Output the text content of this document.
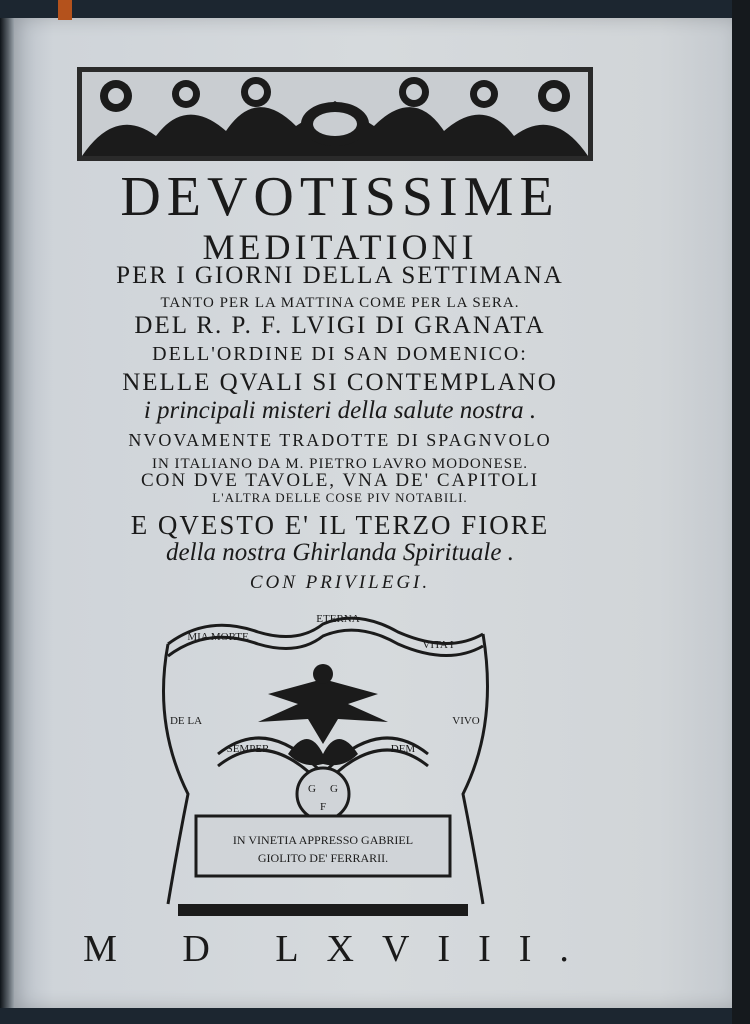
DEVOTISSIME
MEDITATIONI
PER I GIORNI DELLA SETTIMANA
TANTO PER LA MATTINA COME PER LA SERA.
DEL R. P. F. LVIGI DI GRANATA
DELL'ORDINE DI SAN DOMENICO:
NELLE QVALI SI CONTEMPLANO
i principali misteri della salute nostra .
NVOVAMENTE TRADOTTE DI SPAGNVOLO
IN ITALIANO DA M. PIETRO LAVRO MODONESE.
CON DVE TAVOLE, VNA DE' CAPITOLI
L'ALTRA DELLE COSE PIV NOTABILI.
E QVESTO E' IL TERZO FIORE
della nostra Ghirlanda Spirituale .
CON PRIVILEGI.
ETERNA
MIA MORTE
VITA I
DE LA	VIVO
SEMPER	DEM
G G
F
IN VINETIA APPRESSO GABRIEL
GIOLITO DE' FERRARII.
M D LXVIII.
